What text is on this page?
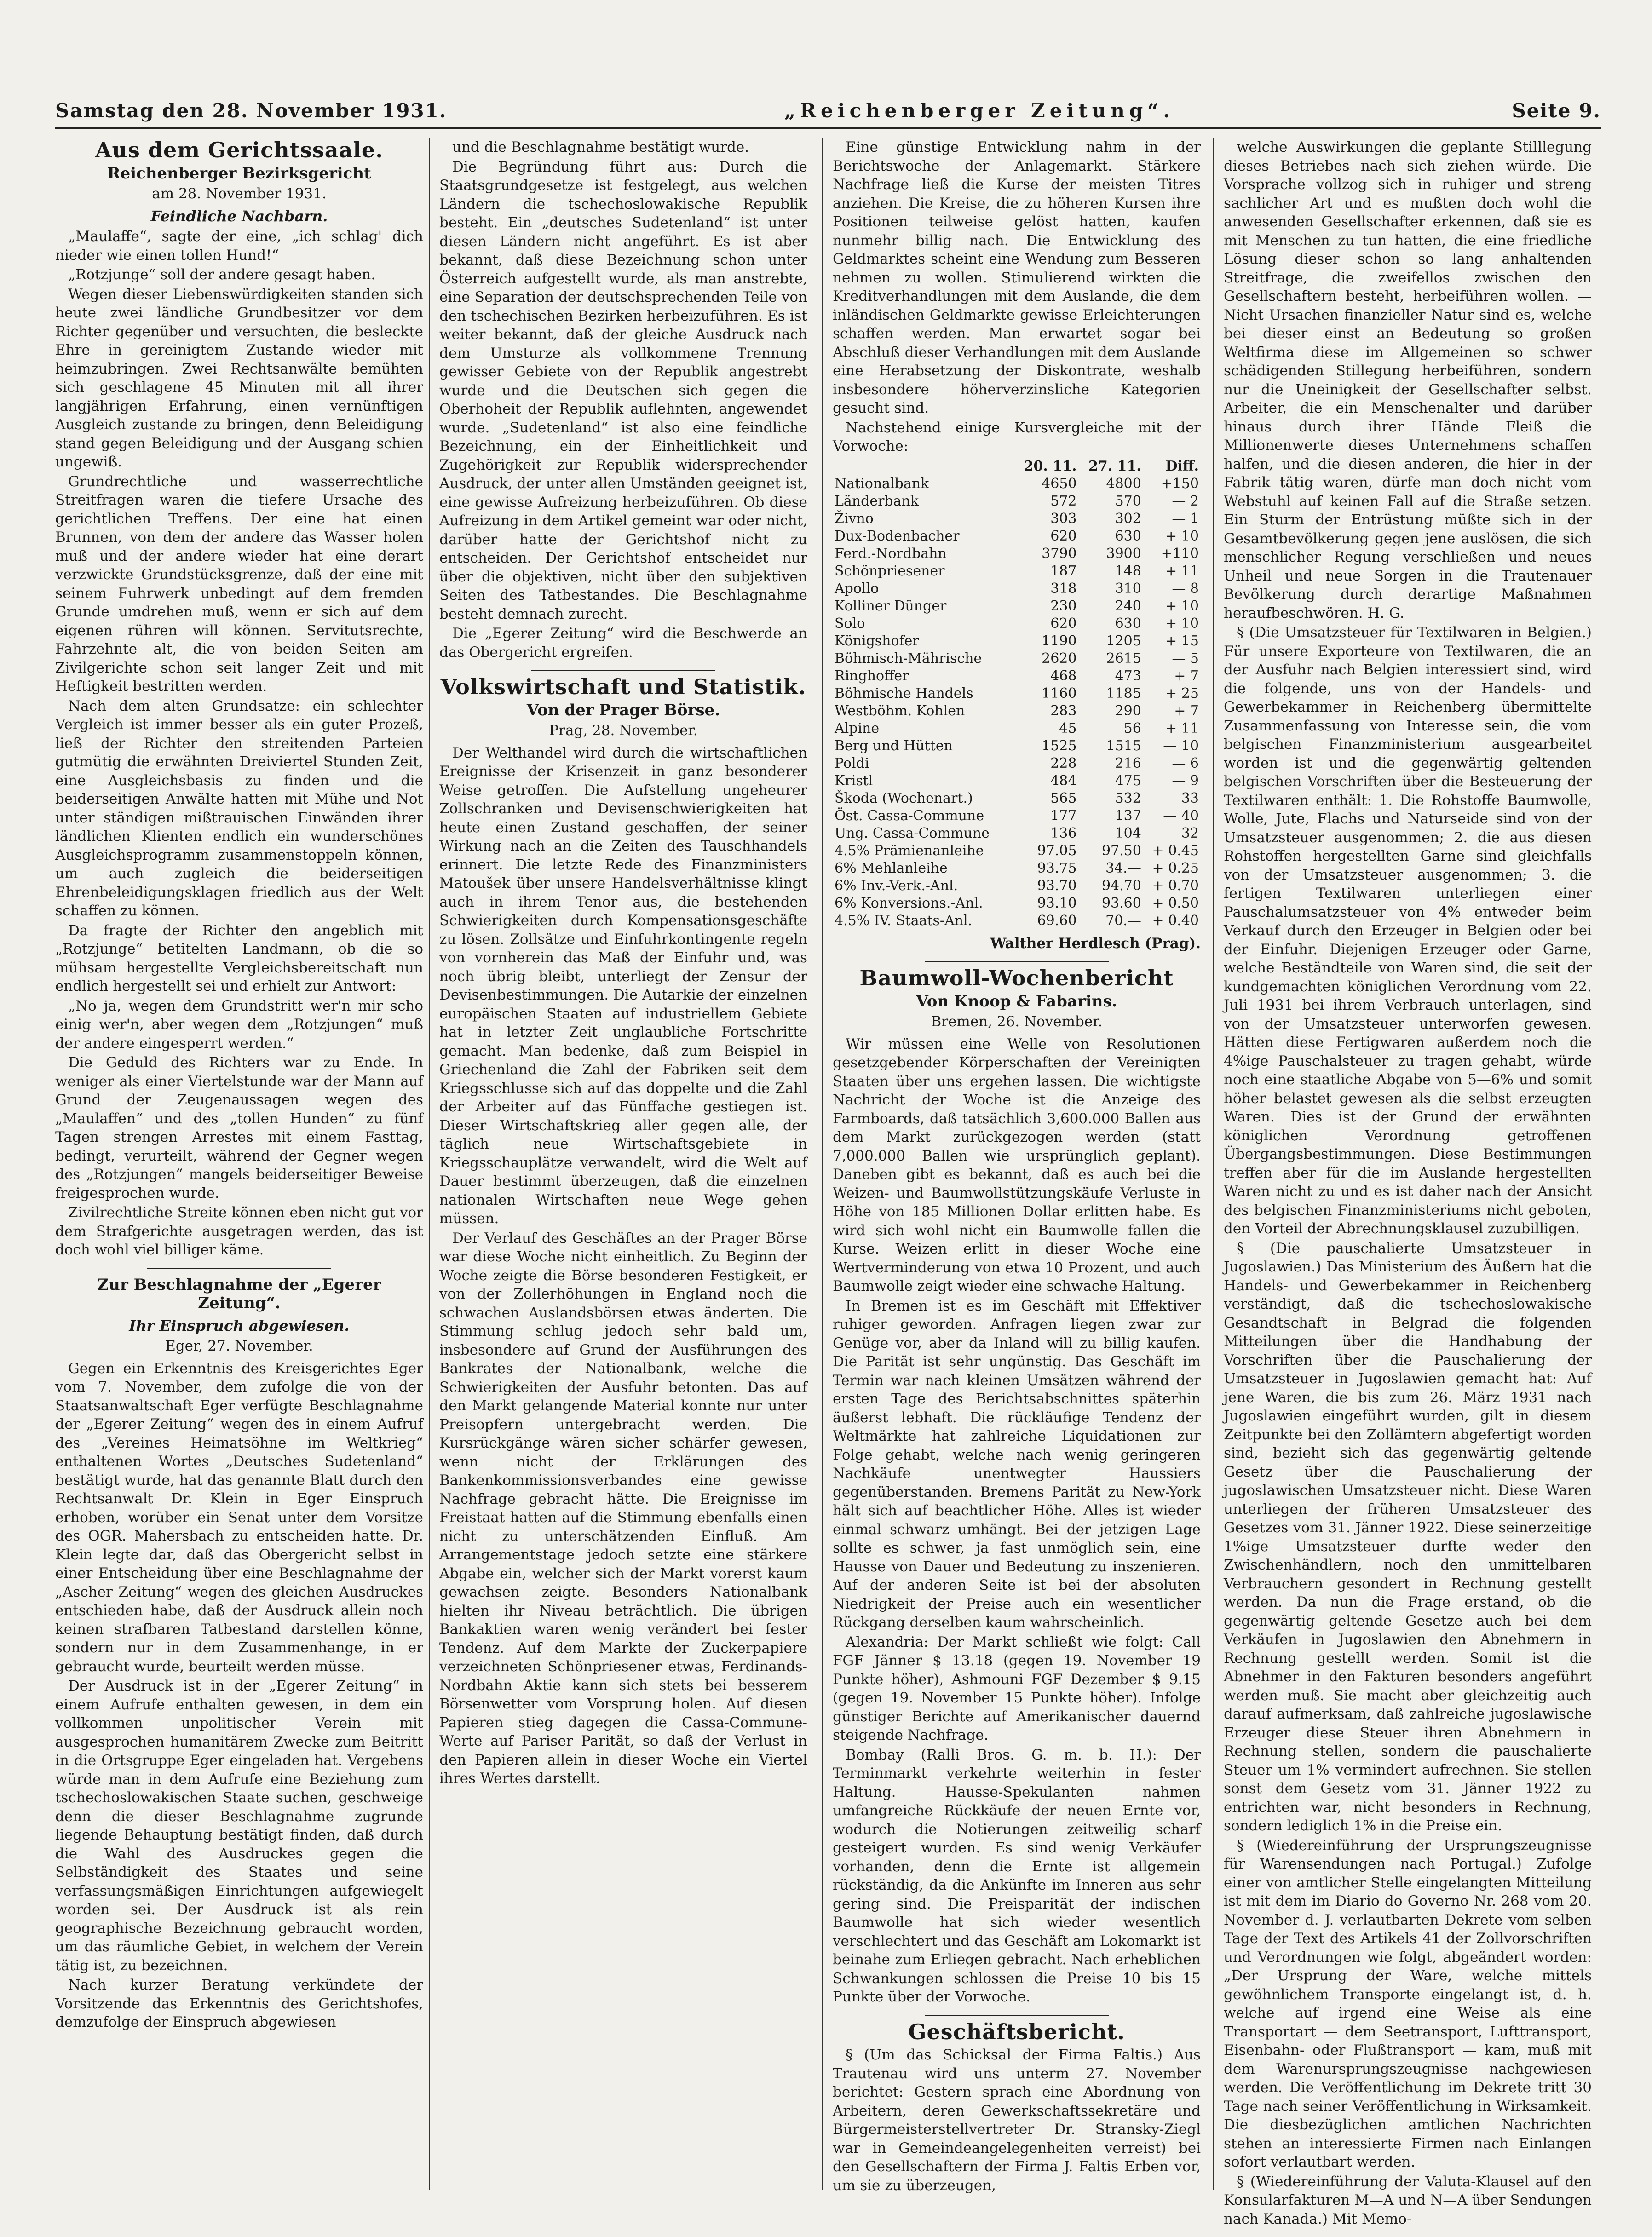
Samstag den 28. November 1931.	„Reichenberger Zeitung“.	Seite 9.
Aus dem Gerichtssaale.
Reichenberger Bezirksgericht
am 28. November 1931.
Feindliche Nachbarn.

„Maulaffe“, sagte der eine, „ich schlag' dich nieder wie einen tollen Hund!“

„Rotzjunge“ soll der andere gesagt haben.

Wegen dieser Liebenswürdigkeiten standen sich heute zwei ländliche Grundbesitzer vor dem Richter gegenüber und versuchten, die besleckte Ehre in gereinigtem Zustande wieder mit heimzubringen. Zwei Rechtsanwälte bemühten sich geschlagene 45 Minuten mit all ihrer langjährigen Erfahrung, einen vernünftigen Ausgleich zustande zu bringen, denn Beleidigung stand gegen Beleidigung und der Ausgang schien ungewiß.

Grundrechtliche und wasserrechtliche Streitfragen waren die tiefere Ursache des gerichtlichen Treffens. Der eine hat einen Brunnen, von dem der andere das Wasser holen muß und der andere wieder hat eine derart verzwickte Grundstücksgrenze, daß der eine mit seinem Fuhrwerk unbedingt auf dem fremden Grunde umdrehen muß, wenn er sich auf dem eigenen rühren will können. Servitutsrechte, Fahrzehnte alt, die von beiden Seiten am Zivilgerichte schon seit langer Zeit und mit Heftigkeit bestritten werden.

Nach dem alten Grundsatze: ein schlechter Vergleich ist immer besser als ein guter Prozeß, ließ der Richter den streitenden Parteien gutmütig die erwähnten Dreiviertel Stunden Zeit, eine Ausgleichsbasis zu finden und die beiderseitigen Anwälte hatten mit Mühe und Not unter ständigen mißtrauischen Einwänden ihrer ländlichen Klienten endlich ein wunderschönes Ausgleichsprogramm zusammenstoppeln können, um auch zugleich die beiderseitigen Ehrenbeleidigungsklagen friedlich aus der Welt schaffen zu können.

Da fragte der Richter den angeblich mit „Rotzjunge“ betitelten Landmann, ob die so mühsam hergestellte Vergleichsbereitschaft nun endlich hergestellt sei und erhielt zur Antwort:

„No ja, wegen dem Grundstritt wer'n mir scho einig wer'n, aber wegen dem „Rotzjungen“ muß der andere eingesperrt werden.“

Die Geduld des Richters war zu Ende. In weniger als einer Viertelstunde war der Mann auf Grund der Zeugenaussagen wegen des „Maulaffen“ und des „tollen Hunden“ zu fünf Tagen strengen Arrestes mit einem Fasttag, bedingt, verurteilt, während der Gegner wegen des „Rotzjungen“ mangels beiderseitiger Beweise freigesprochen wurde.

Zivilrechtliche Streite können eben nicht gut vor dem Strafgerichte ausgetragen werden, das ist doch wohl viel billiger käme.

Zur Beschlagnahme der „Egerer Zeitung“.
Ihr Einspruch abgewiesen.
Eger, 27. November.

Gegen ein Erkenntnis des Kreisgerichtes Eger vom 7. November, dem zufolge die von der Staatsanwaltschaft Eger verfügte Beschlagnahme der „Egerer Zeitung“ wegen des in einem Aufruf des „Vereines Heimatsöhne im Weltkrieg“ enthaltenen Wortes „Deutsches Sudetenland“ bestätigt wurde, hat das genannte Blatt durch den Rechtsanwalt Dr. Klein in Eger Einspruch erhoben, worüber ein Senat unter dem Vorsitze des OGR. Mahersbach zu entscheiden hatte. Dr. Klein legte dar, daß das Obergericht selbst in einer Entscheidung über eine Beschlagnahme der „Ascher Zeitung“ wegen des gleichen Ausdruckes entschieden habe, daß der Ausdruck allein noch keinen strafbaren Tatbestand darstellen könne, sondern nur in dem Zusammenhange, in er gebraucht wurde, beurteilt werden müsse.

Der Ausdruck ist in der „Egerer Zeitung“ in einem Aufrufe enthalten gewesen, in dem ein vollkommen unpolitischer Verein mit ausgesprochen humanitärem Zwecke zum Beitritt in die Ortsgruppe Eger eingeladen hat. Vergebens würde man in dem Aufrufe eine Beziehung zum tschechoslowakischen Staate suchen, geschweige denn die dieser Beschlagnahme zugrunde liegende Behauptung bestätigt finden, daß durch die Wahl des Ausdruckes gegen die Selbständigkeit des Staates und seine verfassungsmäßigen Einrichtungen aufgewiegelt worden sei. Der Ausdruck ist als rein geographische Bezeichnung gebraucht worden, um das räumliche Gebiet, in welchem der Verein tätig ist, zu bezeichnen.

Nach kurzer Beratung verkündete der Vorsitzende das Erkenntnis des Gerichtshofes, demzufolge der Einspruch abgewiesen

und die Beschlagnahme bestätigt wurde.

Die Begründung führt aus: Durch die Staatsgrundgesetze ist festgelegt, aus welchen Ländern die tschechoslowakische Republik besteht. Ein „deutsches Sudetenland“ ist unter diesen Ländern nicht angeführt. Es ist aber bekannt, daß diese Bezeichnung schon unter Österreich aufgestellt wurde, als man anstrebte, eine Separation der deutschsprechenden Teile von den tschechischen Bezirken herbeizuführen. Es ist weiter bekannt, daß der gleiche Ausdruck nach dem Umsturze als vollkommene Trennung gewisser Gebiete von der Republik angestrebt wurde und die Deutschen sich gegen die Oberhoheit der Republik auflehnten, angewendet wurde. „Sudetenland“ ist also eine feindliche Bezeichnung, ein der Einheitlichkeit und Zugehörigkeit zur Republik widersprechender Ausdruck, der unter allen Umständen geeignet ist, eine gewisse Aufreizung herbeizuführen. Ob diese Aufreizung in dem Artikel gemeint war oder nicht, darüber hatte der Gerichtshof nicht zu entscheiden. Der Gerichtshof entscheidet nur über die objektiven, nicht über den subjektiven Seiten des Tatbestandes. Die Beschlagnahme besteht demnach zurecht.

Die „Egerer Zeitung“ wird die Beschwerde an das Obergericht ergreifen.

Volkswirtschaft und Statistik.
Von der Prager Börse.
Prag, 28. November.

Der Welthandel wird durch die wirtschaftlichen Ereignisse der Krisenzeit in ganz besonderer Weise getroffen. Die Aufstellung ungeheurer Zollschranken und Devisenschwierigkeiten hat heute einen Zustand geschaffen, der seiner Wirkung nach an die Zeiten des Tauschhandels erinnert. Die letzte Rede des Finanzministers Matoušek über unsere Handelsverhältnisse klingt auch in ihrem Tenor aus, die bestehenden Schwierigkeiten durch Kompensationsgeschäfte zu lösen. Zollsätze und Einfuhrkontingente regeln von vornherein das Maß der Einfuhr und, was noch übrig bleibt, unterliegt der Zensur der Devisenbestimmungen. Die Autarkie der einzelnen europäischen Staaten auf industriellem Gebiete hat in letzter Zeit unglaubliche Fortschritte gemacht. Man bedenke, daß zum Beispiel in Griechenland die Zahl der Fabriken seit dem Kriegsschlusse sich auf das doppelte und die Zahl der Arbeiter auf das Fünffache gestiegen ist. Dieser Wirtschaftskrieg aller gegen alle, der täglich neue Wirtschaftsgebiete in Kriegsschauplätze verwandelt, wird die Welt auf Dauer bestimmt überzeugen, daß die einzelnen nationalen Wirtschaften neue Wege gehen müssen.

Der Verlauf des Geschäftes an der Prager Börse war diese Woche nicht einheitlich. Zu Beginn der Woche zeigte die Börse besonderen Festigkeit, er von der Zollerhöhungen in England noch die schwachen Auslandsbörsen etwas änderten. Die Stimmung schlug jedoch sehr bald um, insbesondere auf Grund der Ausführungen des Bankrates der Nationalbank, welche die Schwierigkeiten der Ausfuhr betonten. Das auf den Markt gelangende Material konnte nur unter Preisopfern untergebracht werden. Die Kursrückgänge wären sicher schärfer gewesen, wenn nicht der Erklärungen des Bankenkommissionsverbandes eine gewisse Nachfrage gebracht hätte. Die Ereignisse im Freistaat hatten auf die Stimmung ebenfalls einen nicht zu unterschätzenden Einfluß. Am Arrangementstage jedoch setzte eine stärkere Abgabe ein, welcher sich der Markt vorerst kaum gewachsen zeigte. Besonders Nationalbank hielten ihr Niveau beträchtlich. Die übrigen Bankaktien waren wenig verändert bei fester Tendenz. Auf dem Markte der Zuckerpapiere verzeichneten Schönpriesener etwas, Ferdinands-Nordbahn Aktie kann sich stets bei besserem Börsenwetter vom Vorsprung holen. Auf diesen Papieren stieg dagegen die Cassa-Commune-Werte auf Pariser Parität, so daß der Verlust in den Papieren allein in dieser Woche ein Viertel ihres Wertes darstellt.

Eine günstige Entwicklung nahm in der Berichtswoche der Anlagemarkt. Stärkere Nachfrage ließ die Kurse der meisten Titres anziehen. Die Kreise, die zu höheren Kursen ihre Positionen teilweise gelöst hatten, kaufen nunmehr billig nach. Die Entwicklung des Geldmarktes scheint eine Wendung zum Besseren nehmen zu wollen. Stimulierend wirkten die Kreditverhandlungen mit dem Auslande, die dem inländischen Geldmarkte gewisse Erleichterungen schaffen werden. Man erwartet sogar bei Abschluß dieser Verhandlungen mit dem Auslande eine Herabsetzung der Diskontrate, weshalb insbesondere höherverzinsliche Kategorien gesucht sind.

Nachstehend einige Kursvergleiche mit der Vorwoche:

	20. 11.	27. 11.	Diff.
Nationalbank	4650	4800	+150
Länderbank	572	570	— 2
Živno	303	302	— 1
Dux-Bodenbacher	620	630	+ 10
Ferd.-Nordbahn	3790	3900	+110
Schönpriesener	187	148	+ 11
Apollo	318	310	— 8
Kolliner Dünger	230	240	+ 10
Solo	620	630	+ 10
Königshofer	1190	1205	+ 15
Böhmisch-Mährische	2620	2615	— 5
Ringhoffer	468	473	+ 7
Böhmische Handels	1160	1185	+ 25
Westböhm. Kohlen	283	290	+ 7
Alpine	45	56	+ 11
Berg und Hütten	1525	1515	— 10
Poldi	228	216	— 6
Kristl	484	475	— 9
Škoda (Wochenart.)	565	532	— 33
Öst. Cassa-Commune	177	137	— 40
Ung. Cassa-Commune	136	104	— 32
4.5% Prämienanleihe	97.05	97.50	+ 0.45
6% Mehlanleihe	93.75	34.—	+ 0.25
6% Inv.-Verk.-Anl.	93.70	94.70	+ 0.70
6% Konversions.-Anl.	93.10	93.60	+ 0.50
4.5% IV. Staats-Anl.	69.60	70.—	+ 0.40
Walther Herdlesch (Prag).
Baumwoll-Wochenbericht
Von Knoop & Fabarins.
Bremen, 26. November.

Wir müssen eine Welle von Resolutionen gesetzgebender Körperschaften der Vereinigten Staaten über uns ergehen lassen. Die wichtigste Nachricht der Woche ist die Anzeige des Farmboards, daß tatsächlich 3,600.000 Ballen aus dem Markt zurückgezogen werden (statt 7,000.000 Ballen wie ursprünglich geplant). Daneben gibt es bekannt, daß es auch bei die Weizen- und Baumwollstützungskäufe Verluste in Höhe von 185 Millionen Dollar erlitten habe. Es wird sich wohl nicht ein Baumwolle fallen die Kurse. Weizen erlitt in dieser Woche eine Wertverminderung von etwa 10 Prozent, und auch Baumwolle zeigt wieder eine schwache Haltung.

In Bremen ist es im Geschäft mit Effektiver ruhiger geworden. Anfragen liegen zwar zur Genüge vor, aber da Inland will zu billig kaufen. Die Parität ist sehr ungünstig. Das Geschäft im Termin war nach kleinen Umsätzen während der ersten Tage des Berichtsabschnittes späterhin äußerst lebhaft. Die rückläufige Tendenz der Weltmärkte hat zahlreiche Liquidationen zur Folge gehabt, welche nach wenig geringeren Nachkäufe unentwegter Haussiers gegenüberstanden. Bremens Parität zu New-York hält sich auf beachtlicher Höhe. Alles ist wieder einmal schwarz umhängt. Bei der jetzigen Lage sollte es schwer, ja fast unmöglich sein, eine Hausse von Dauer und Bedeutung zu inszenieren. Auf der anderen Seite ist bei der absoluten Niedrigkeit der Preise auch ein wesentlicher Rückgang derselben kaum wahrscheinlich.

Alexandria: Der Markt schließt wie folgt: Call FGF Jänner $ 13.18 (gegen 19. November 19 Punkte höher), Ashmouni FGF Dezember $ 9.15 (gegen 19. November 15 Punkte höher). Infolge günstiger Berichte auf Amerikanischer dauernd steigende Nachfrage.

Bombay (Ralli Bros. G. m. b. H.): Der Terminmarkt verkehrte weiterhin in fester Haltung. Hausse-Spekulanten nahmen umfangreiche Rückkäufe der neuen Ernte vor, wodurch die Notierungen zeitweilig scharf gesteigert wurden. Es sind wenig Verkäufer vorhanden, denn die Ernte ist allgemein rückständig, da die Ankünfte im Inneren aus sehr gering sind. Die Preisparität der indischen Baumwolle hat sich wieder wesentlich verschlechtert und das Geschäft am Lokomarkt ist beinahe zum Erliegen gebracht. Nach erheblichen Schwankungen schlossen die Preise 10 bis 15 Punkte über der Vorwoche.

Geschäftsbericht.

§ (Um das Schicksal der Firma Faltis.) Aus Trautenau wird uns unterm 27. November berichtet: Gestern sprach eine Abordnung von Arbeitern, deren Gewerkschaftssekretäre und Bürgermeisterstellvertreter Dr. Stransky-Ziegl war in Gemeindeangelegenheiten verreist) bei den Gesellschaftern der Firma J. Faltis Erben vor, um sie zu überzeugen,

welche Auswirkungen die geplante Stilllegung dieses Betriebes nach sich ziehen würde. Die Vorsprache vollzog sich in ruhiger und streng sachlicher Art und es mußten doch wohl die anwesenden Gesellschafter erkennen, daß sie es mit Menschen zu tun hatten, die eine friedliche Lösung dieser schon so lang anhaltenden Streitfrage, die zweifellos zwischen den Gesellschaftern besteht, herbeiführen wollen. — Nicht Ursachen finanzieller Natur sind es, welche bei dieser einst an Bedeutung so großen Weltfirma diese im Allgemeinen so schwer schädigenden Stillegung herbeiführen, sondern nur die Uneinigkeit der Gesellschafter selbst. Arbeiter, die ein Menschenalter und darüber hinaus durch ihrer Hände Fleiß die Millionenwerte dieses Unternehmens schaffen halfen, und die diesen anderen, die hier in der Fabrik tätig waren, dürfe man doch nicht vom Webstuhl auf keinen Fall auf die Straße setzen. Ein Sturm der Entrüstung müßte sich in der Gesamtbevölkerung gegen jene auslösen, die sich menschlicher Regung verschließen und neues Unheil und neue Sorgen in die Trautenauer Bevölkerung durch derartige Maßnahmen heraufbeschwören. H. G.

§ (Die Umsatzsteuer für Textilwaren in Belgien.) Für unsere Exporteure von Textilwaren, die an der Ausfuhr nach Belgien interessiert sind, wird die folgende, uns von der Handels- und Gewerbekammer in Reichenberg übermittelte Zusammenfassung von Interesse sein, die vom belgischen Finanzministerium ausgearbeitet worden ist und die gegenwärtig geltenden belgischen Vorschriften über die Besteuerung der Textilwaren enthält: 1. Die Rohstoffe Baumwolle, Wolle, Jute, Flachs und Naturseide sind von der Umsatzsteuer ausgenommen; 2. die aus diesen Rohstoffen hergestellten Garne sind gleichfalls von der Umsatzsteuer ausgenommen; 3. die fertigen Textilwaren unterliegen einer Pauschalumsatzsteuer von 4% entweder beim Verkauf durch den Erzeuger in Belgien oder bei der Einfuhr. Diejenigen Erzeuger oder Garne, welche Beständteile von Waren sind, die seit der kundgemachten königlichen Verordnung vom 22. Juli 1931 bei ihrem Verbrauch unterlagen, sind von der Umsatzsteuer unterworfen gewesen. Hätten diese Fertigwaren außerdem noch die 4%ige Pauschalsteuer zu tragen gehabt, würde noch eine staatliche Abgabe von 5—6% und somit höher belastet gewesen als die selbst erzeugten Waren. Dies ist der Grund der erwähnten königlichen Verordnung getroffenen Übergangsbestimmungen. Diese Bestimmungen treffen aber für die im Auslande hergestellten Waren nicht zu und es ist daher nach der Ansicht des belgischen Finanzministeriums nicht geboten, den Vorteil der Abrechnungsklausel zuzubilligen.

§ (Die pauschalierte Umsatzsteuer in Jugoslawien.) Das Ministerium des Äußern hat die Handels- und Gewerbekammer in Reichenberg verständigt, daß die tschechoslowakische Gesandtschaft in Belgrad die folgenden Mitteilungen über die Handhabung der Vorschriften über die Pauschalierung der Umsatzsteuer in Jugoslawien gemacht hat: Auf jene Waren, die bis zum 26. März 1931 nach Jugoslawien eingeführt wurden, gilt in diesem Zeitpunkte bei den Zollämtern abgefertigt worden sind, bezieht sich das gegenwärtig geltende Gesetz über die Pauschalierung der jugoslawischen Umsatzsteuer nicht. Diese Waren unterliegen der früheren Umsatzsteuer des Gesetzes vom 31. Jänner 1922. Diese seinerzeitige 1%ige Umsatzsteuer durfte weder den Zwischenhändlern, noch den unmittelbaren Verbrauchern gesondert in Rechnung gestellt werden. Da nun die Frage erstand, ob die gegenwärtig geltende Gesetze auch bei dem Verkäufen in Jugoslawien den Abnehmern in Rechnung gestellt werden. Somit ist die Abnehmer in den Fakturen besonders angeführt werden muß. Sie macht aber gleichzeitig auch darauf aufmerksam, daß zahlreiche jugoslawische Erzeuger diese Steuer ihren Abnehmern in Rechnung stellen, sondern die pauschalierte Steuer um 1% vermindert aufrechnen. Sie stellen sonst dem Gesetz vom 31. Jänner 1922 zu entrichten war, nicht besonders in Rechnung, sondern lediglich 1% in die Preise ein.

§ (Wiedereinführung der Ursprungszeugnisse für Warensendungen nach Portugal.) Zufolge einer von amtlicher Stelle eingelangten Mitteilung ist mit dem im Diario do Governo Nr. 268 vom 20. November d. J. verlautbarten Dekrete vom selben Tage der Text des Artikels 41 der Zollvorschriften und Verordnungen wie folgt, abgeändert worden: „Der Ursprung der Ware, welche mittels gewöhnlichem Transporte eingelangt ist, d. h. welche auf irgend eine Weise als eine Transportart — dem Seetransport, Lufttransport, Eisenbahn- oder Flußtransport — kam, muß mit dem Warenursprungszeugnisse nachgewiesen werden. Die Veröffentlichung im Dekrete tritt 30 Tage nach seiner Veröffentlichung in Wirksamkeit. Die diesbezüglichen amtlichen Nachrichten stehen an interessierte Firmen nach Einlangen sofort verlautbart werden.

§ (Wiedereinführung der Valuta-Klausel auf den Konsularfakturen M—A und N—A über Sendungen nach Kanada.) Mit Memo-
